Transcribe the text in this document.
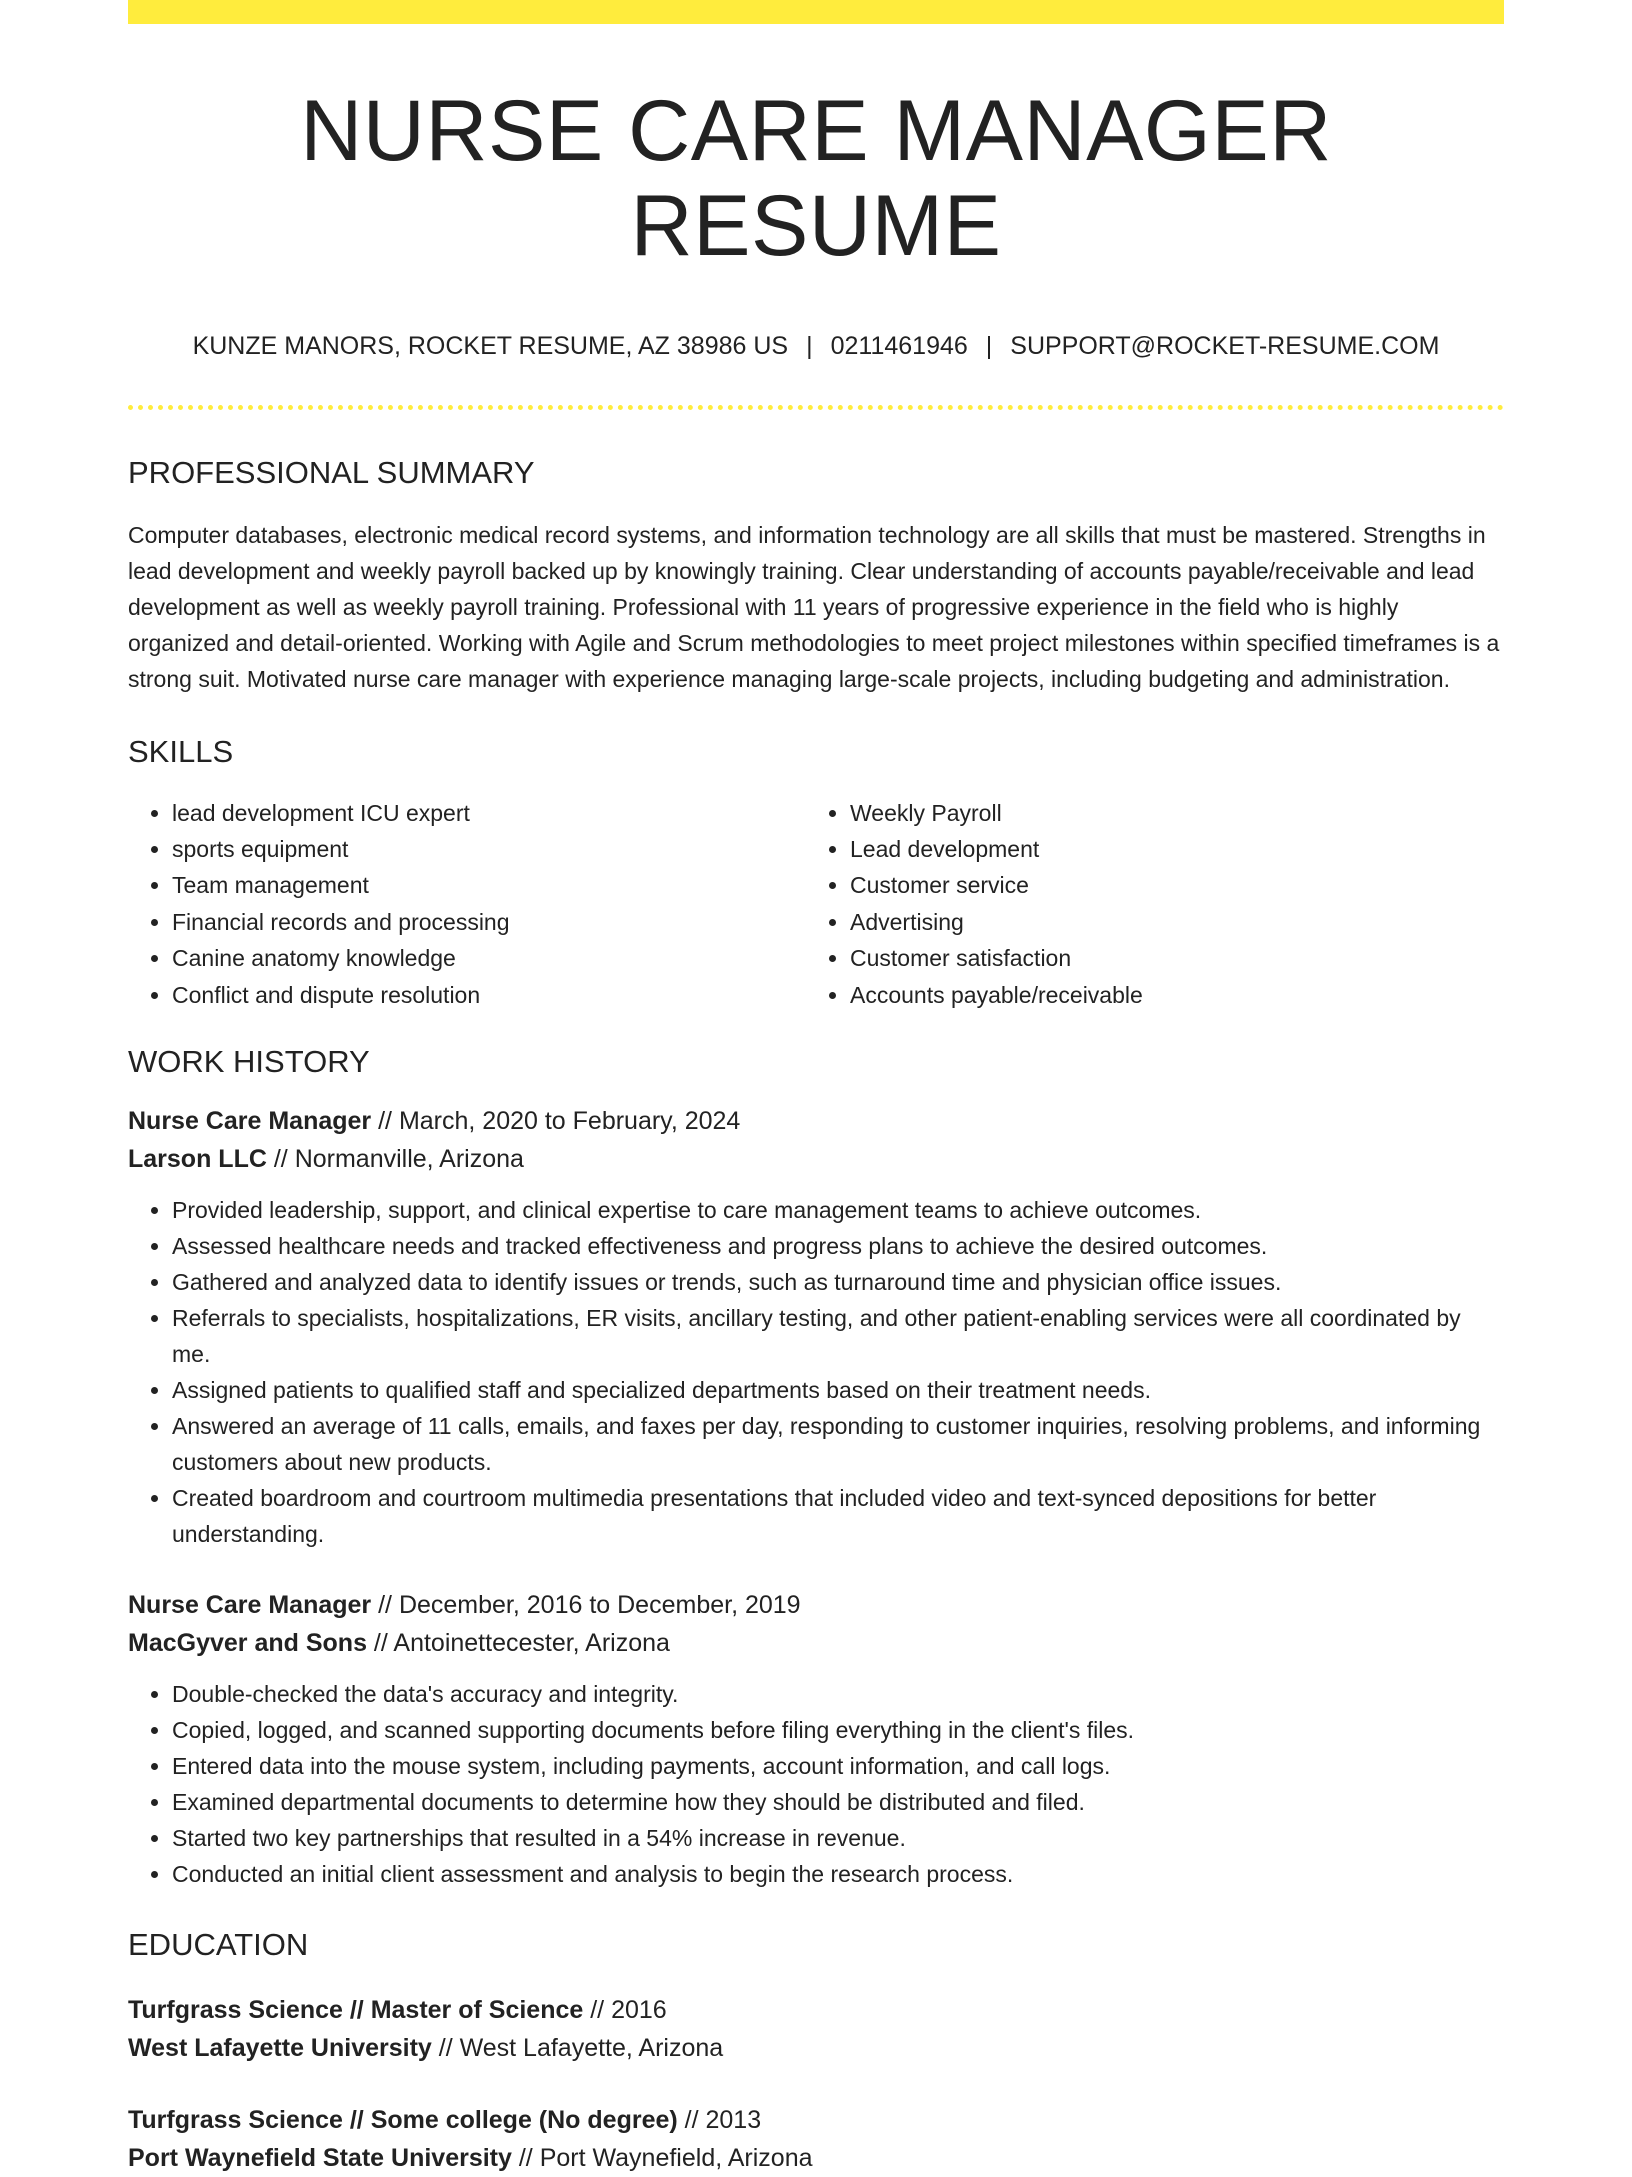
NURSE CARE MANAGER RESUME
KUNZE MANORS, ROCKET RESUME, AZ 38986 US | 0211461946 | SUPPORT@ROCKET-RESUME.COM
PROFESSIONAL SUMMARY
Computer databases, electronic medical record systems, and information technology are all skills that must be mastered. Strengths in lead development and weekly payroll backed up by knowingly training. Clear understanding of accounts payable/receivable and lead development as well as weekly payroll training. Professional with 11 years of progressive experience in the field who is highly organized and detail-oriented. Working with Agile and Scrum methodologies to meet project milestones within specified timeframes is a strong suit. Motivated nurse care manager with experience managing large-scale projects, including budgeting and administration.
SKILLS
• lead development ICU expert
• sports equipment
• Team management
• Financial records and processing
• Canine anatomy knowledge
• Conflict and dispute resolution
• Weekly Payroll
• Lead development
• Customer service
• Advertising
• Customer satisfaction
• Accounts payable/receivable
WORK HISTORY
Nurse Care Manager // March, 2020 to February, 2024
Larson LLC // Normanville, Arizona
• Provided leadership, support, and clinical expertise to care management teams to achieve outcomes.
• Assessed healthcare needs and tracked effectiveness and progress plans to achieve the desired outcomes.
• Gathered and analyzed data to identify issues or trends, such as turnaround time and physician office issues.
• Referrals to specialists, hospitalizations, ER visits, ancillary testing, and other patient-enabling services were all coordinated by me.
• Assigned patients to qualified staff and specialized departments based on their treatment needs.
• Answered an average of 11 calls, emails, and faxes per day, responding to customer inquiries, resolving problems, and informing customers about new products.
• Created boardroom and courtroom multimedia presentations that included video and text-synced depositions for better understanding.
Nurse Care Manager // December, 2016 to December, 2019
MacGyver and Sons // Antoinettecester, Arizona
• Double-checked the data's accuracy and integrity.
• Copied, logged, and scanned supporting documents before filing everything in the client's files.
• Entered data into the mouse system, including payments, account information, and call logs.
• Examined departmental documents to determine how they should be distributed and filed.
• Started two key partnerships that resulted in a 54% increase in revenue.
• Conducted an initial client assessment and analysis to begin the research process.
EDUCATION
Turfgrass Science // Master of Science // 2016
West Lafayette University // West Lafayette, Arizona
Turfgrass Science // Some college (No degree) // 2013
Port Waynefield State University // Port Waynefield, Arizona
